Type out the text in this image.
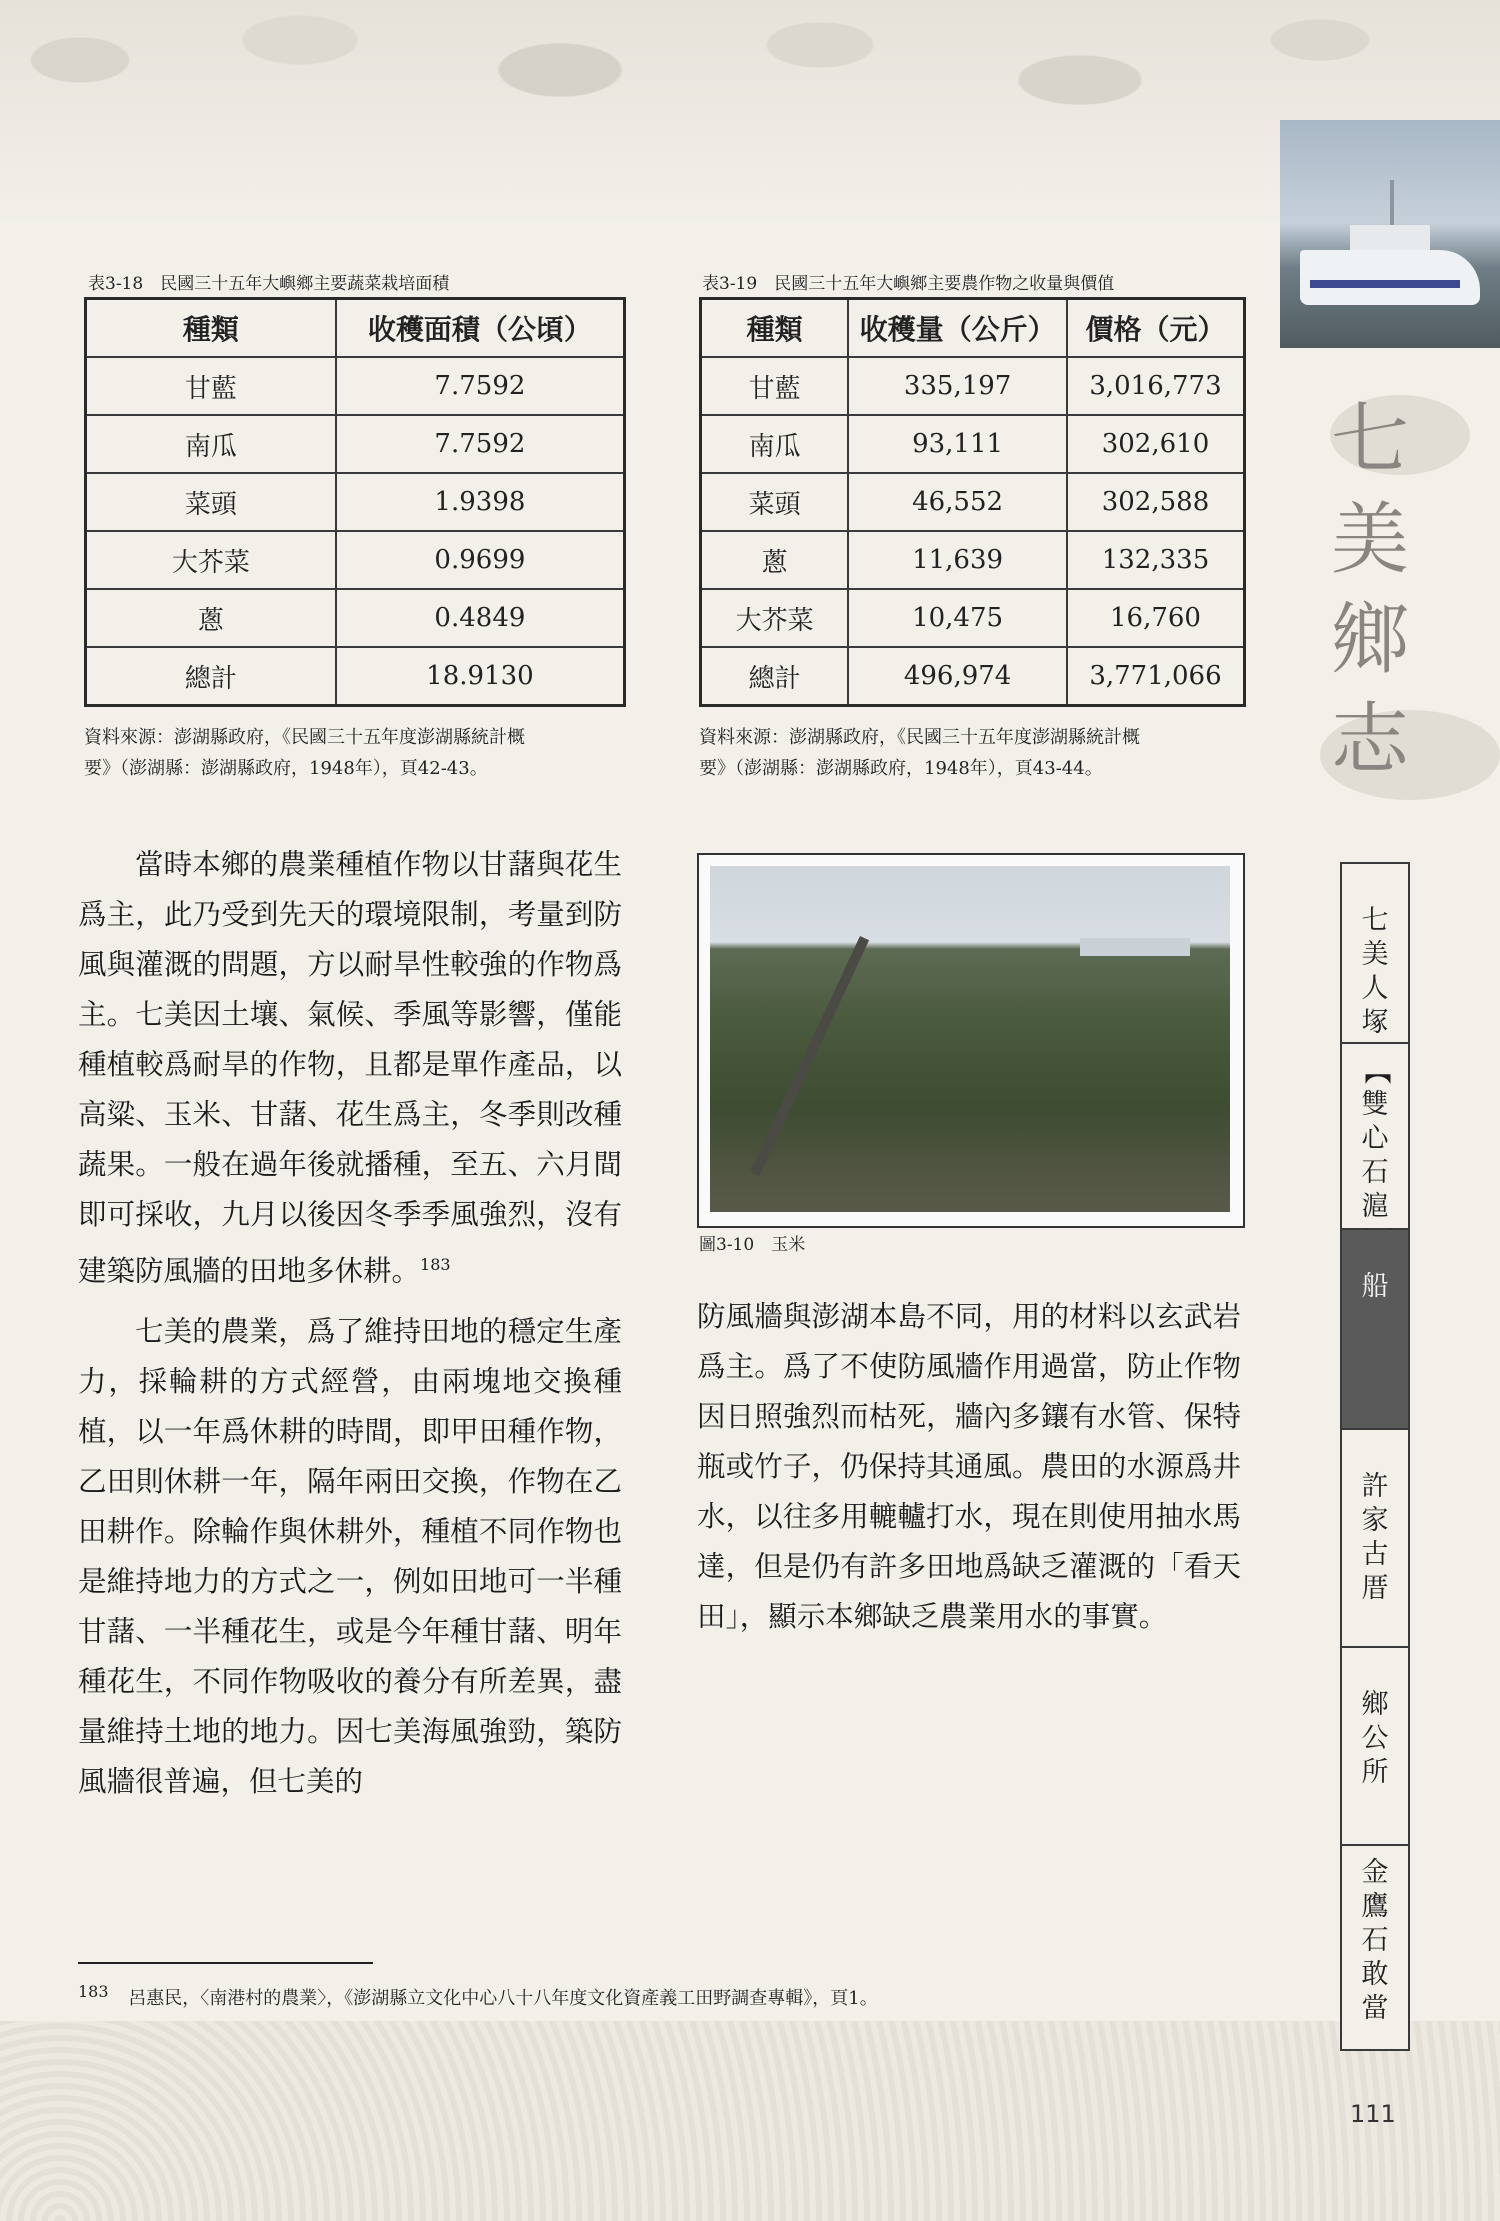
七
美
鄉
志
七
美
人
塚
【
雙
心
石
滬
船
許
家
古
厝
鄉
公
所
金
鷹
石
敢
當
表3-18　民國三十五年大嶼鄉主要蔬菜栽培面積
種類	收穫面積（公頃）
甘藍	7.7592
南瓜	7.7592
菜頭	1.9398
大芥菜	0.9699
蔥	0.4849
總計	18.9130
資料來源：澎湖縣政府，《民國三十五年度澎湖縣統計概
要》（澎湖縣：澎湖縣政府，1948年），頁42-43。
表3-19　民國三十五年大嶼鄉主要農作物之收量與價值
種類	收穫量（公斤）	價格（元）
甘藍	335,197	3,016,773
南瓜	93,111	302,610
菜頭	46,552	302,588
蔥	11,639	132,335
大芥菜	10,475	16,760
總計	496,974	3,771,066
資料來源：澎湖縣政府，《民國三十五年度澎湖縣統計概
要》（澎湖縣：澎湖縣政府，1948年），頁43-44。
圖3-10　玉米

當時本鄉的農業種植作物以甘藷與花生爲主，此乃受到先天的環境限制，考量到防風與灌溉的問題，方以耐旱性較強的作物爲主。七美因土壤、氣候、季風等影響，僅能種植較爲耐旱的作物，且都是單作產品，以高粱、玉米、甘藷、花生爲主，冬季則改種蔬果。一般在過年後就播種，至五、六月間即可採收，九月以後因冬季季風強烈，沒有建築防風牆的田地多休耕。$^{183}$

七美的農業，爲了維持田地的穩定生產力，採輪耕的方式經營，由兩塊地交換種植，以一年爲休耕的時間，即甲田種作物，乙田則休耕一年，隔年兩田交換，作物在乙田耕作。除輪作與休耕外，種植不同作物也是維持地力的方式之一，例如田地可一半種甘藷、一半種花生，或是今年種甘藷、明年種花生，不同作物吸收的養分有所差異，盡量維持土地的地力。因七美海風強勁，築防風牆很普遍，但七美的

防風牆與澎湖本島不同，用的材料以玄武岩爲主。爲了不使防風牆作用過當，防止作物因日照強烈而枯死，牆內多鑲有水管、保特瓶或竹子，仍保持其通風。農田的水源爲井水，以往多用轆轤打水，現在則使用抽水馬達，但是仍有許多田地爲缺乏灌溉的「看天田」，顯示本鄉缺乏農業用水的事實。

$^{183}$ 呂惠民，〈南港村的農業〉，《澎湖縣立文化中心八十八年度文化資產義工田野調查專輯》，頁1。
111
